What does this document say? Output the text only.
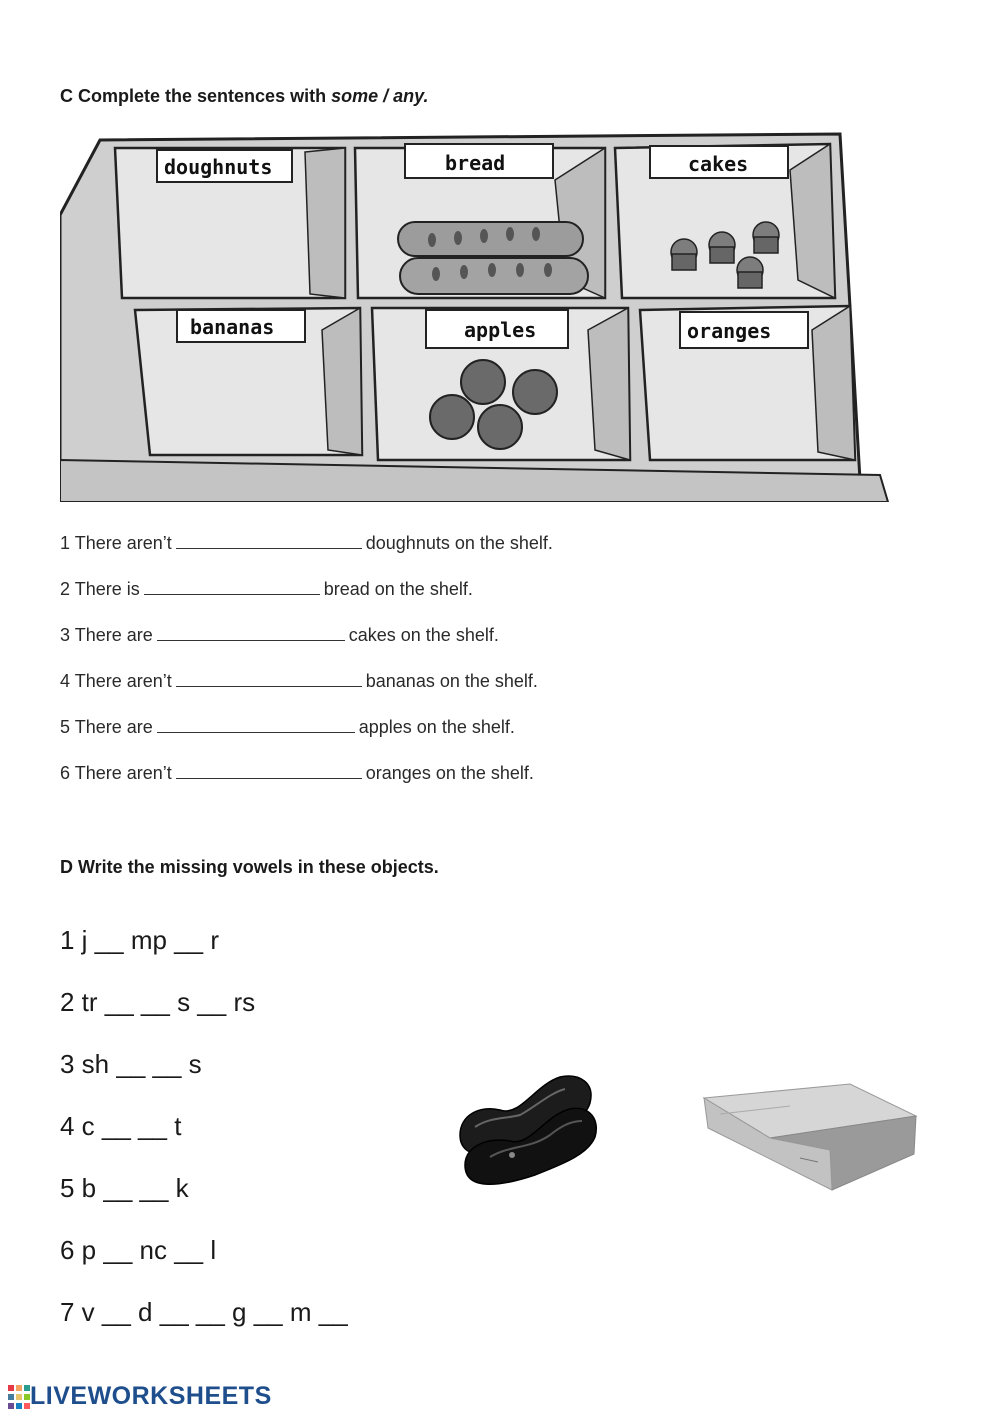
C Complete the sentences with some / any.
doughnuts	bread	cakes
bananas	apples	oranges
1 There aren’t	doughnuts on the shelf.
2 There is	bread on the shelf.
3 There are	cakes on the shelf.
4 There aren’t	bananas on the shelf.
5 There are	apples on the shelf.
6 There aren’t	oranges on the shelf.
D Write the missing vowels in these objects.
1 j __ mp __ r
2 tr __ __ s __ rs
3 sh __ __ s
4 c __ __ t
5 b __ __ k
6 p __ nc __ l
7 v __ d __ __ g __ m __
LIVEWORKSHEETS
